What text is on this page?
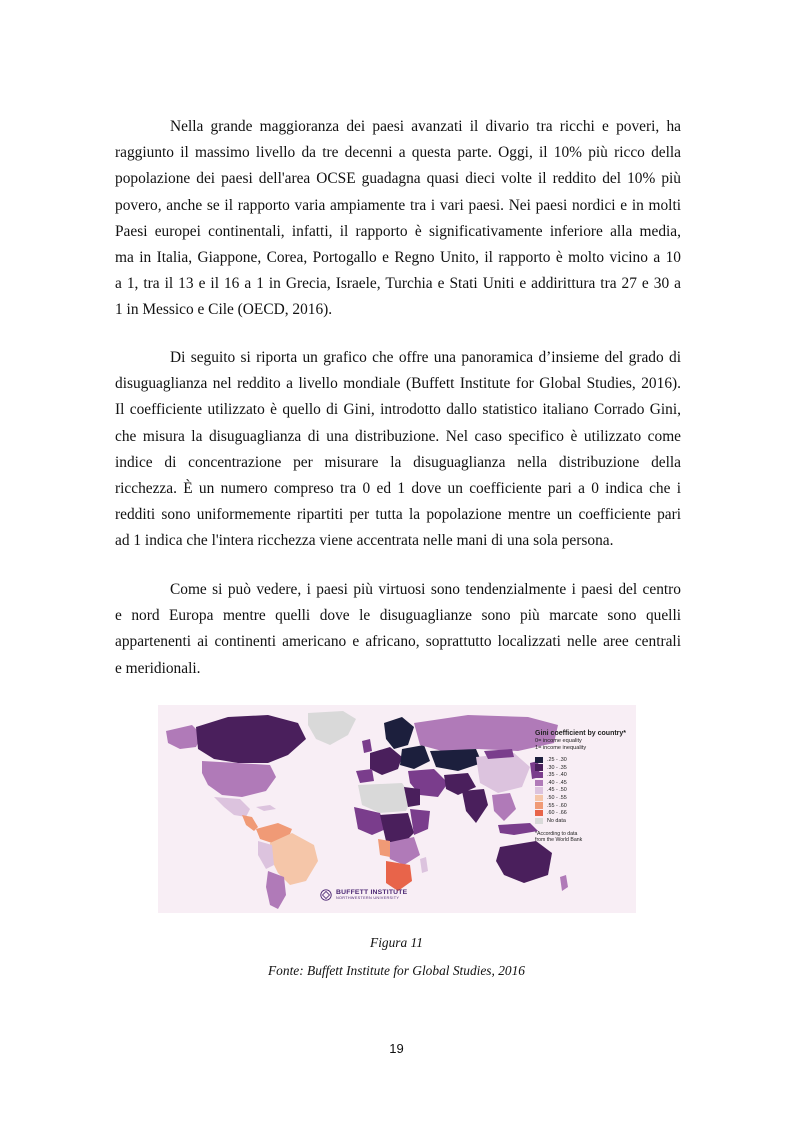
Nella grande maggioranza dei paesi avanzati il divario tra ricchi e poveri, ha
raggiunto il massimo livello da tre decenni a questa parte. Oggi, il 10% più ricco della
popolazione dei paesi dell'area OCSE guadagna quasi dieci volte il reddito del 10% più
povero, anche se il rapporto varia ampiamente tra i vari paesi. Nei paesi nordici e in molti
Paesi europei continentali, infatti, il rapporto è significativamente inferiore alla media,
ma in Italia, Giappone, Corea, Portogallo e Regno Unito, il rapporto è molto vicino a 10
a 1, tra il 13 e il 16 a 1 in Grecia, Israele, Turchia e Stati Uniti e addirittura tra 27 e 30 a
1 in Messico e Cile (OECD, 2016).
Di seguito si riporta un grafico che offre una panoramica d’insieme del grado di
disuguaglianza nel reddito a livello mondiale (Buffett Institute for Global Studies, 2016).
Il coefficiente utilizzato è quello di Gini, introdotto dallo statistico italiano Corrado Gini,
che misura la disuguaglianza di una distribuzione. Nel caso specifico è utilizzato come
indice di concentrazione per misurare la disuguaglianza nella distribuzione della
ricchezza. È un numero compreso tra 0 ed 1 dove un coefficiente pari a 0 indica che i
redditi sono uniformemente ripartiti per tutta la popolazione mentre un coefficiente pari
ad 1 indica che l'intera ricchezza viene accentrata nelle mani di una sola persona.
Come si può vedere, i paesi più virtuosi sono tendenzialmente i paesi del centro
e nord Europa mentre quelli dove le disuguaglianze sono più marcate sono quelli
appartenenti ai continenti americano e africano, soprattutto localizzati nelle aree centrali
e meridionali.
Gini coefficient by country*
0= income equality
1= income inequality
.25 - .30
.30 - .35
.35 - .40
.40 - .45
.45 - .50
.50 - .55
.55 - .60
.60 - .66
No data
*According to data
from the World Bank
BUFFETT INSTITUTE
NORTHWESTERN UNIVERSITY
Figura 11
Fonte: Buffett Institute for Global Studies, 2016
19
